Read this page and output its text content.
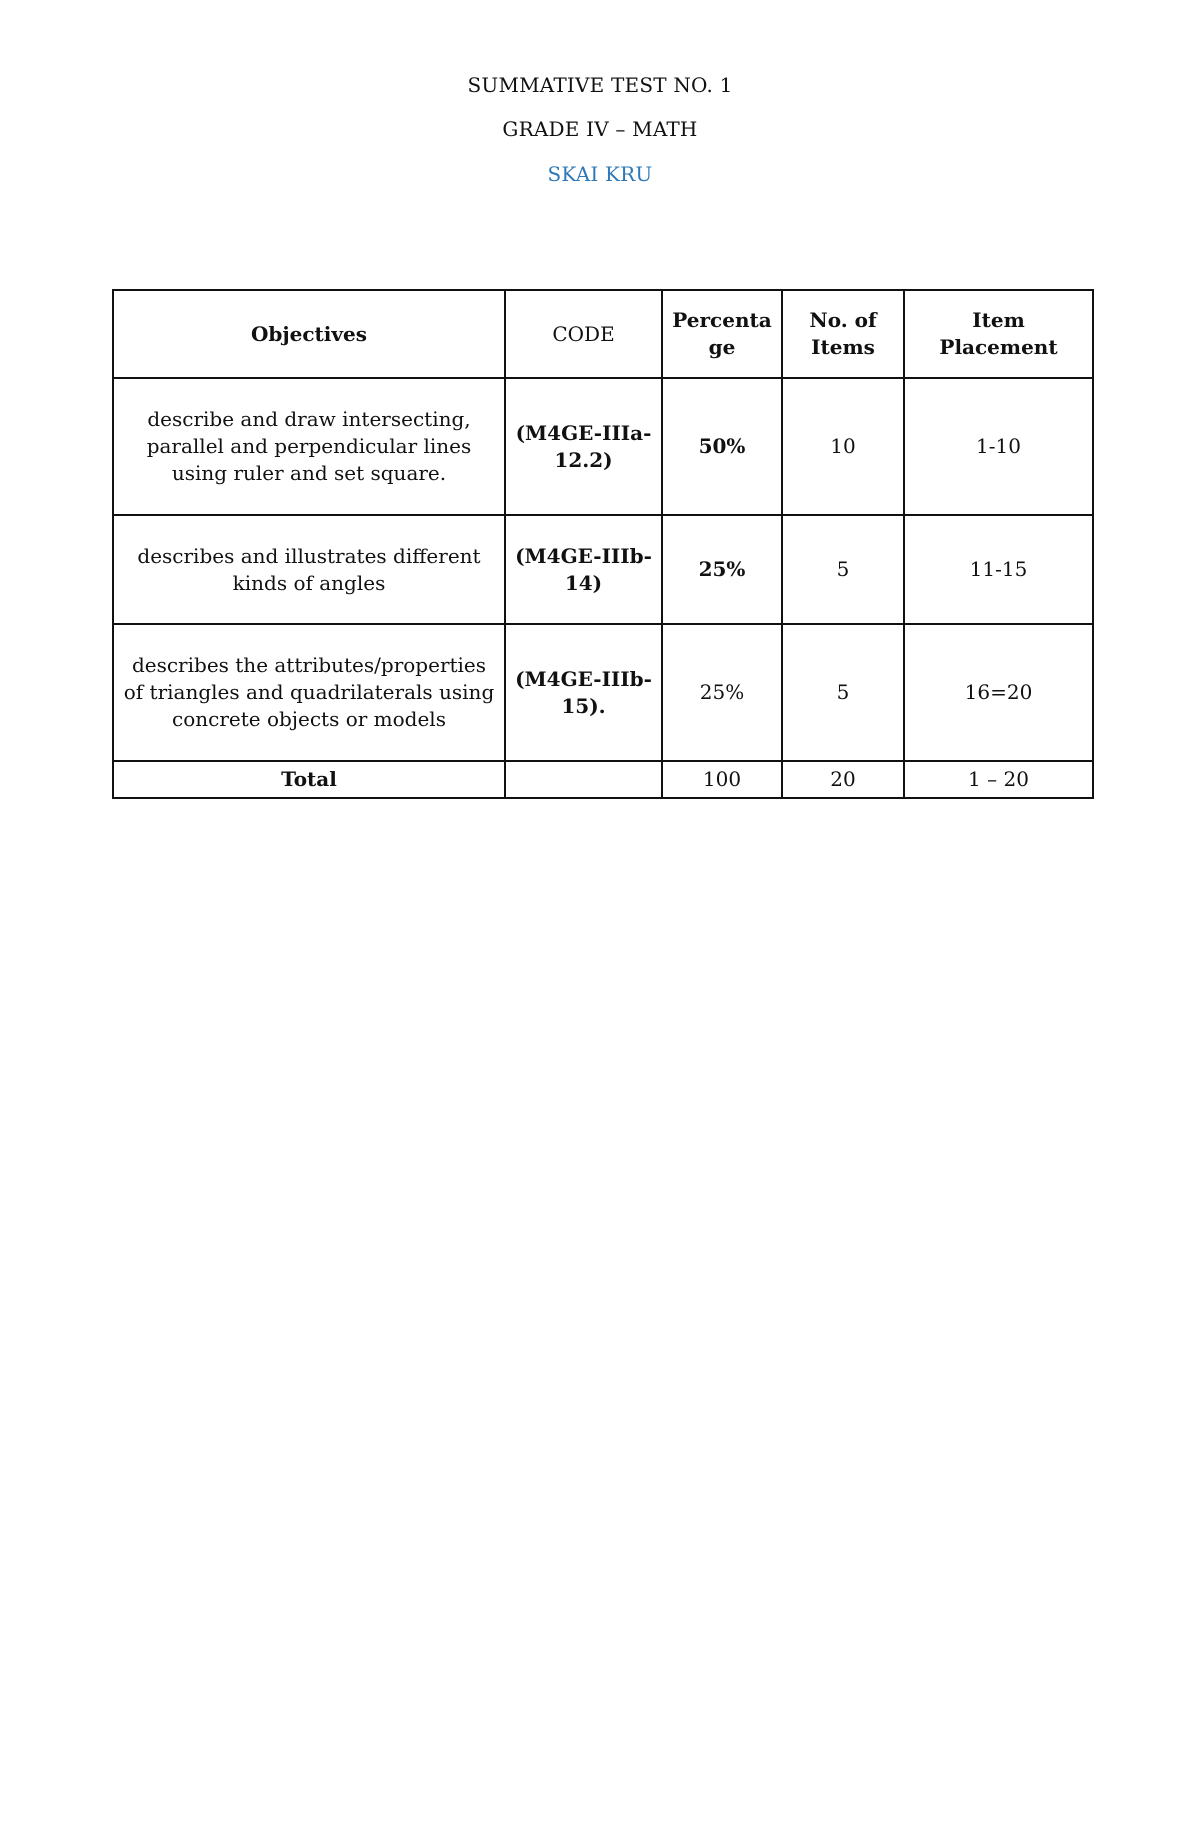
SUMMATIVE TEST NO. 1
GRADE IV – MATH
SKAI KRU
Objectives	CODE	Percenta ge	No. of Items	Item Placement
describe and draw intersecting, parallel and perpendicular lines using ruler and set square.	(M4GE-IIIa-12.2)	50%	10	1-10
describes and illustrates different kinds of angles	(M4GE-IIIb-14)	25%	5	11-15
describes the attributes/properties of triangles and quadrilaterals using concrete objects or models	(M4GE-IIIb-15).	25%	5	16=20
Total		100	20	1 – 20
